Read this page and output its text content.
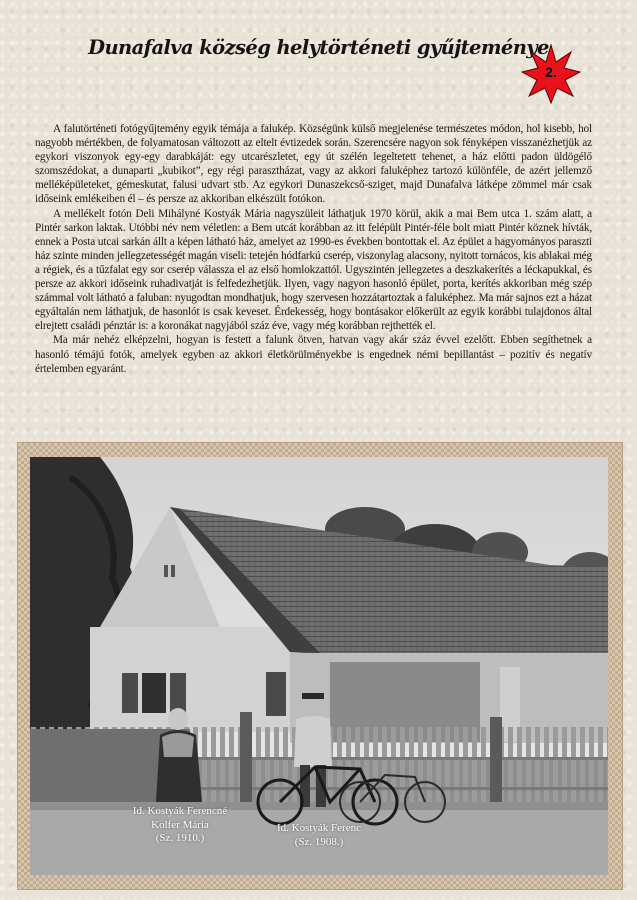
Dunafalva község helytörténeti gyűjteménye
2.

A falutörténeti fotógyűjtemény egyik témája a falukép. Községünk külső megjelenése természetes módon, hol kisebb, hol nagyobb mértékben, de folyamatosan változott az eltelt évtizedek során. Szerencsére nagyon sok fényképen visszanézhetjük az egykori viszonyok egy-egy darabkáját: egy utcarészletet, egy út szélén legeltetett tehenet, a ház előtti padon üldögélő szomszédokat, a dunaparti „kubikot”, egy régi parasztházat, vagy az akkori faluképhez tartozó különféle, de azért jellemző melléképületeket, gémeskutat, falusi udvart stb. Az egykori Dunaszekcső-sziget, majd Dunafalva látképe zömmel már csak időseink emlékeiben él – és persze az akkoriban elkészült fotókon.

A mellékelt fotón Deli Mihályné Kostyák Mária nagyszüleit láthatjuk 1970 körül, akik a mai Bem utca 1. szám alatt, a Pintér sarkon laktak. Utóbbi név nem véletlen: a Bem utcát korábban az itt felépült Pintér-féle bolt miatt Pintér köznek hívták, ennek a Posta utcai sarkán állt a képen látható ház, amelyet az 1990-es években bontottak el. Az épület a hagyományos paraszti ház szinte minden jellegzetességét magán viseli: tetején hódfarkú cserép, viszonylag alacsony, nyitott tornácos, kis ablakai még a régiek, és a tűzfalat egy sor cserép válassza el az első homlokzattól. Ugyszintén jellegzetes a deszkakerítés a léckapukkal, és persze az akkori időseink ruhadivatját is felfedezhetjük. Ilyen, vagy nagyon hasonló épület, porta, kerítés akkoriban még szép számmal volt látható a faluban: nyugodtan mondhatjuk, hogy szervesen hozzátartoztak a faluképhez. Ma már sajnos ezt a házat egyáltalán nem láthatjuk, de hasonlót is csak keveset. Érdekesség, hogy bontásakor előkerült az egyik korábbi tulajdonos által elrejtett családi pénztár is: a koronákat nagyjából száz éve, vagy még korábban rejthették el.

Ma már nehéz elképzelni, hogyan is festett a falunk ötven, hatvan vagy akár száz évvel ezelőtt. Ebben segíthetnek a hasonló témájú fotók, amelyek egyben az akkori életkörülményekbe is engednek némi bepillantást – pozitív és negatív értelemben egyaránt.

Id. Kostyák Ferencné
Kolfer Mária
(Sz. 1910.)
Id. Kostyák Ferenc
(Sz. 1908.)
